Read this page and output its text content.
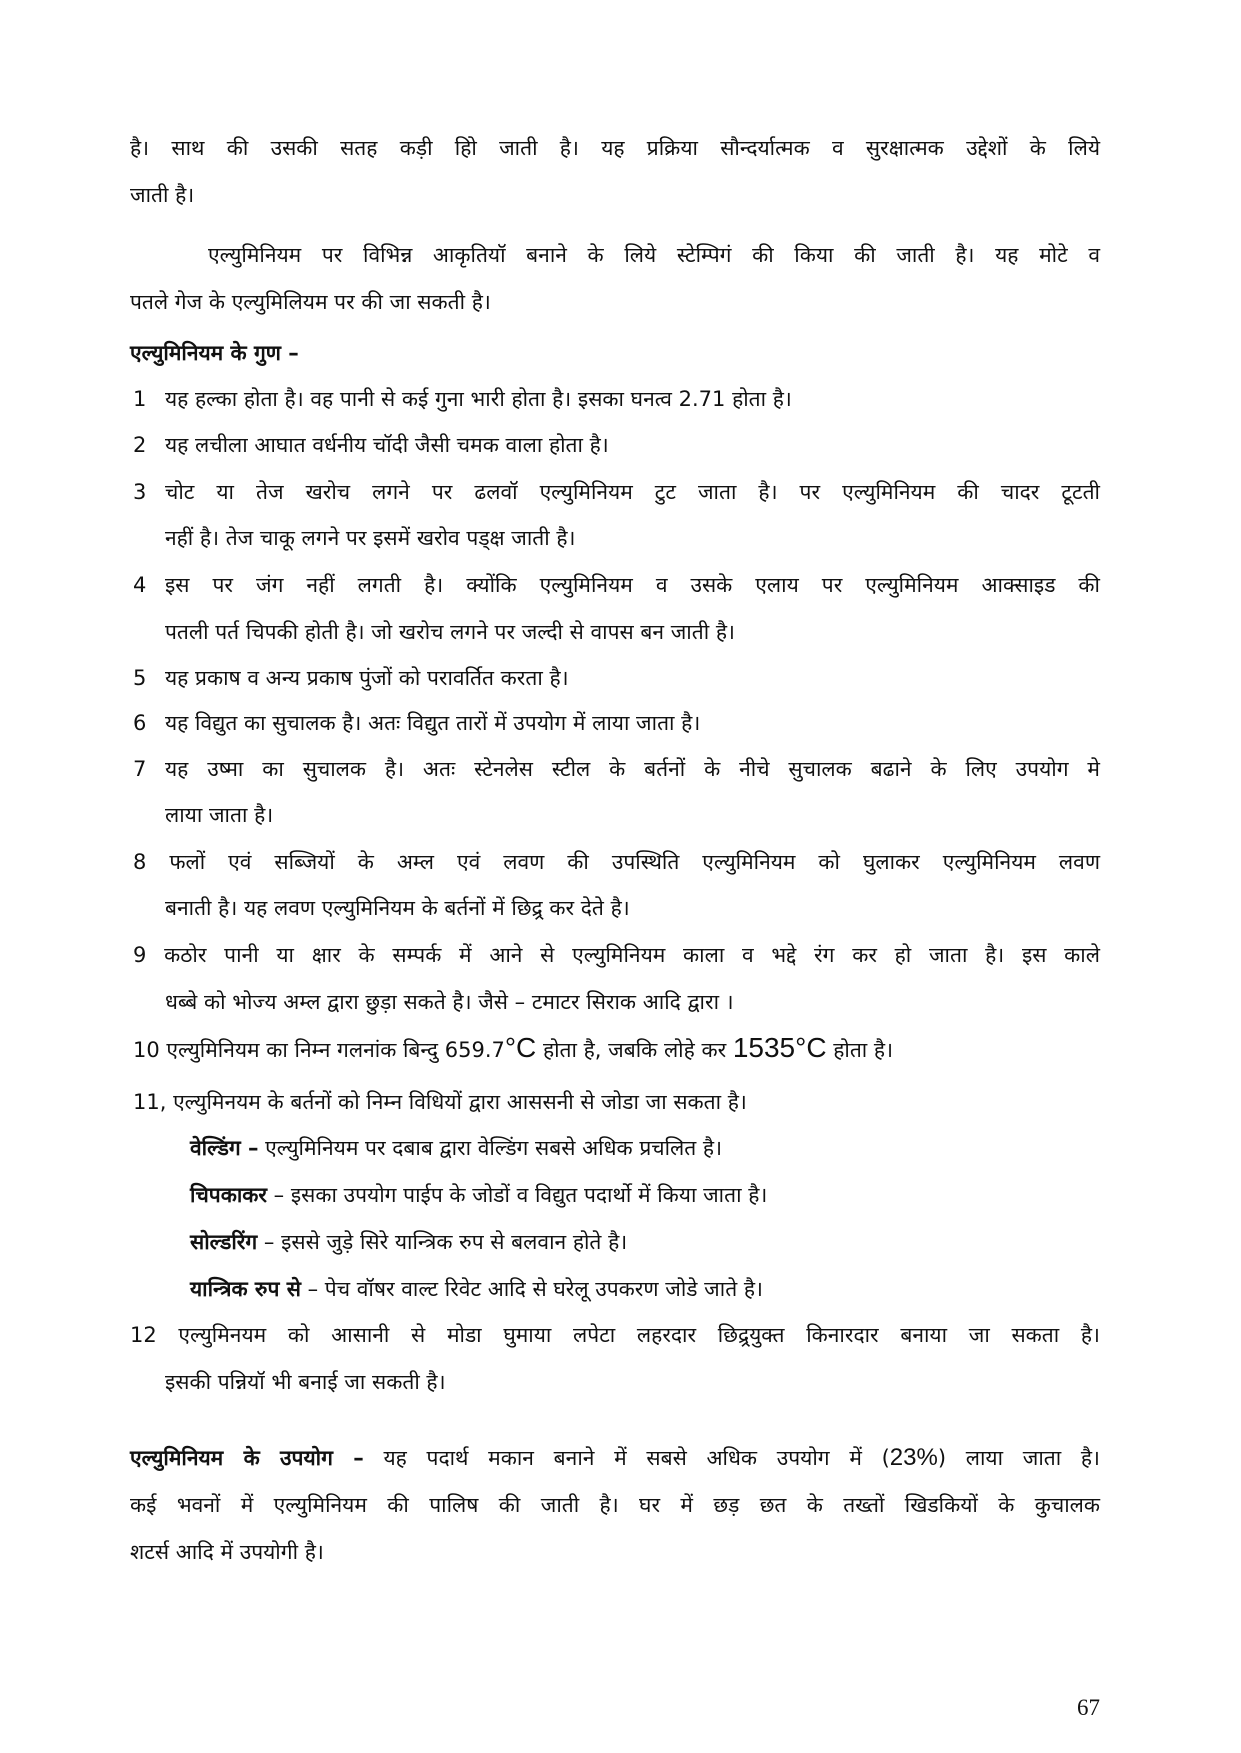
है। साथ की उसकी सतह कड़ी हिो जाती है। यह प्रक्रिया सौन्दर्यात्मक व सुरक्षात्मक उद्देशों के लिये
जाती है।
एल्युमिनियम पर विभिन्न आकृतियॉ बनाने के लिये स्टेम्पिगं की किया की जाती है। यह मोटे व
पतले गेज के एल्युमिलियम पर की जा सकती है।
एल्युमिनियम के गुण –
1 यह हल्का होता है। वह पानी से कई गुना भारी होता है। इसका घनत्व 2.71 होता है।
2 यह लचीला आघात वर्धनीय चॉदी जैसी चमक वाला होता है।
3 चोट या तेज खरोच लगने पर ढलवॉ एल्युमिनियम टुट जाता है। पर एल्युमिनियम की चादर टूटती
नहीं है। तेज चाकू लगने पर इसमें खरोव पड्क्ष जाती है।
4 इस पर जंग नहीं लगती है। क्योंकि एल्युमिनियम व उसके एलाय पर एल्युमिनियम आक्साइड की
पतली पर्त चिपकी होती है। जो खरोच लगने पर जल्दी से वापस बन जाती है।
5 यह प्रकाष व अन्य प्रकाष पुंजों को परावर्तित करता है।
6 यह विद्युत का सुचालक है। अतः विद्युत तारों में उपयोग में लाया जाता है।
7 यह उष्मा का सुचालक है। अतः स्टेनलेस स्टील के बर्तनों के नीचे सुचालक बढाने के लिए उपयोग मे
लाया जाता है।
8 फलों एवं सब्जियों के अम्ल एवं लवण की उपस्थिति एल्युमिनियम को घुलाकर एल्युमिनियम लवण
बनाती है। यह लवण एल्युमिनियम के बर्तनों में छिद्र्र कर देते है।
9 कठोर पानी या क्षार के सम्पर्क में आने से एल्युमिनियम काला व भद्दे रंग कर हो जाता है। इस काले
धब्बे को भोज्य अम्ल द्वारा छुड़ा सकते है। जैसे – टमाटर सिराक आदि द्वारा ।
10 एल्युमिनियम का निम्न गलनांक बिन्दु 659.7°C होता है, जबकि लोहे कर 1535°C होता है।
11, एल्युमिनयम के बर्तनों को निम्न विधियों द्वारा आससनी से जोडा जा सकता है।
वेल्डिंग – एल्युमिनियम पर दबाब द्वारा वेल्डिंग सबसे अधिक प्रचलित है।
चिपकाकर – इसका उपयोग पाईप के जोडों व विद्युत पदार्थो में किया जाता है।
सोल्डरिंग – इससे जुड़े सिरे यान्त्रिक रुप से बलवान होते है।
यान्त्रिक रुप से – पेच वॉषर वाल्ट रिवेट आदि से घरेलू उपकरण जोडे जाते है।
12 एल्युमिनयम को आसानी से मोडा घुमाया लपेटा लहरदार छिद्र्रयुक्त किनारदार बनाया जा सकता है।
इसकी पन्नियॉ भी बनाई जा सकती है।
एल्युमिनियम के उपयोग – यह पदार्थ मकान बनाने में सबसे अधिक उपयोग में (23%) लाया जाता है।
कई भवनों में एल्युमिनियम की पालिष की जाती है। घर में छड़ छत के तख्तों खिडकियों के कुचालक
शटर्स आदि में उपयोगी है।
67
